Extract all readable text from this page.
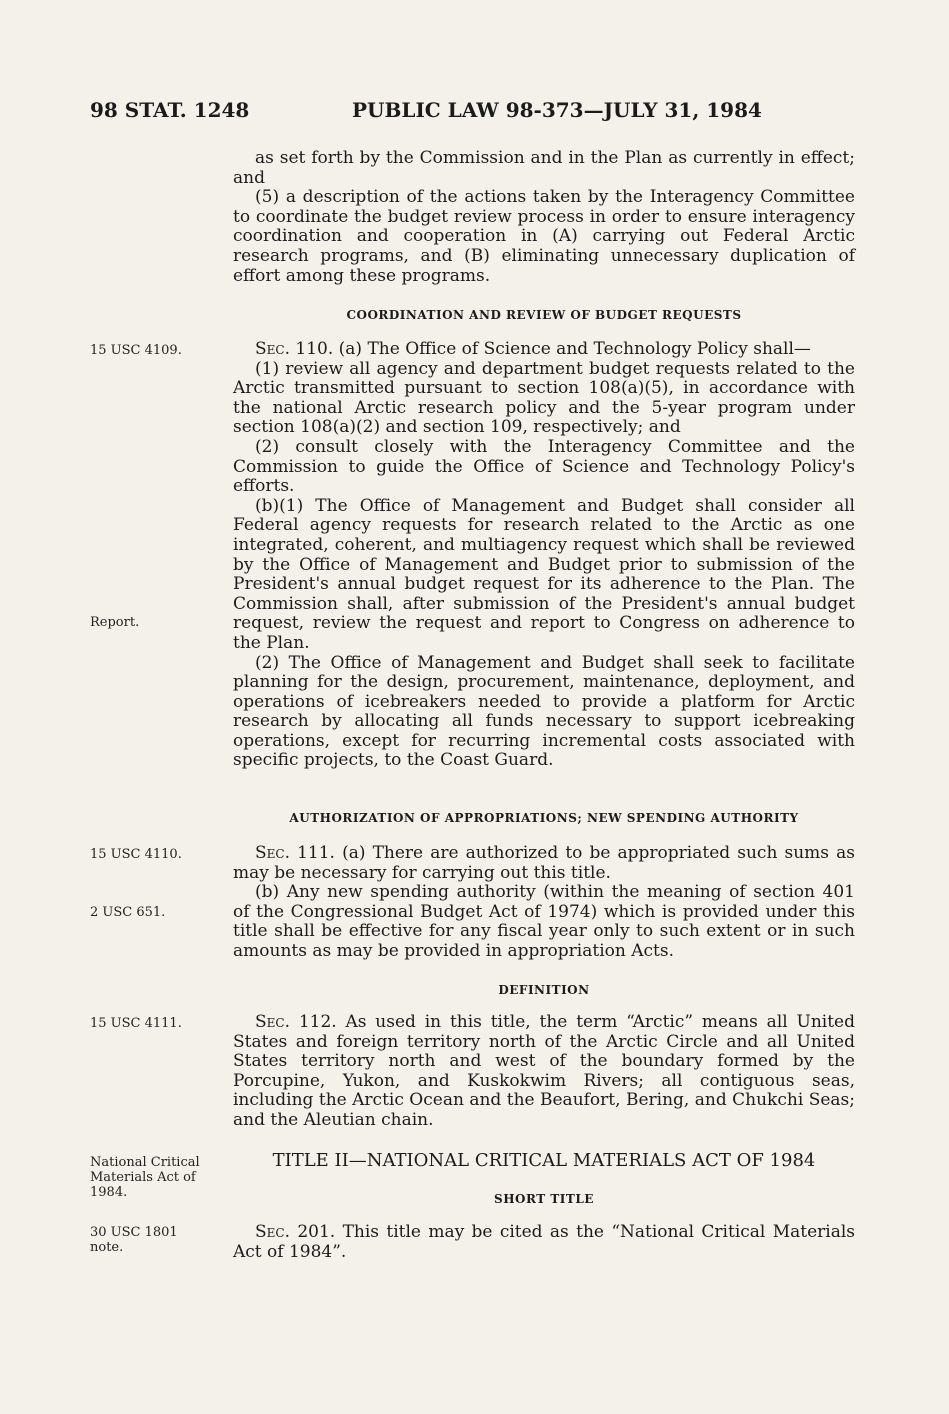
98 STAT. 1248	PUBLIC LAW 98-373—JULY 31, 1984

as set forth by the Commission and in the Plan as currently in effect; and

(5) a description of the actions taken by the Interagency Committee to coordinate the budget review process in order to ensure interagency coordination and cooperation in (A) carrying out Federal Arctic research programs, and (B) eliminating unnecessary duplication of effort among these programs.

COORDINATION AND REVIEW OF BUDGET REQUESTS
15 USC 4109.	Sec. 110. (a) The Office of Science and Technology Policy shall—

(1) review all agency and department budget requests related to the Arctic transmitted pursuant to section 108(a)(5), in accordance with the national Arctic research policy and the 5-year program under section 108(a)(2) and section 109, respectively; and

(2) consult closely with the Interagency Committee and the Commission to guide the Office of Science and Technology Policy's efforts.

(b)(1) The Office of Management and Budget shall consider all Federal agency requests for research related to the Arctic as one integrated, coherent, and multiagency request which shall be reviewed by the Office of Management and Budget prior to submission of the President's annual budget request for its adherence to the Plan. The Commission shall, after submission of the President's annual budget request, review the request and report to Congress on adherence to the Plan.

(2) The Office of Management and Budget shall seek to facilitate planning for the design, procurement, maintenance, deployment, and operations of icebreakers needed to provide a platform for Arctic research by allocating all funds necessary to support icebreaking operations, except for recurring incremental costs associated with specific projects, to the Coast Guard.

Report.
AUTHORIZATION OF APPROPRIATIONS; NEW SPENDING AUTHORITY
15 USC 4110.
2 USC 651.

Sec. 111. (a) There are authorized to be appropriated such sums as may be necessary for carrying out this title.

(b) Any new spending authority (within the meaning of section 401 of the Congressional Budget Act of 1974) which is provided under this title shall be effective for any fiscal year only to such extent or in such amounts as may be provided in appropriation Acts.

DEFINITION
15 USC 4111.	Sec. 112. As used in this title, the term “Arctic” means all United States and foreign territory north of the Arctic Circle and all United States territory north and west of the boundary formed by the Porcupine, Yukon, and Kuskokwim Rivers; all contiguous seas, including the Arctic Ocean and the Beaufort, Bering, and Chukchi Seas; and the Aleutian chain.

National Critical Materials Act of 1984.
TITLE II—NATIONAL CRITICAL MATERIALS ACT OF 1984
SHORT TITLE
30 USC 1801 note.

Sec. 201. This title may be cited as the “National Critical Materials Act of 1984”.
